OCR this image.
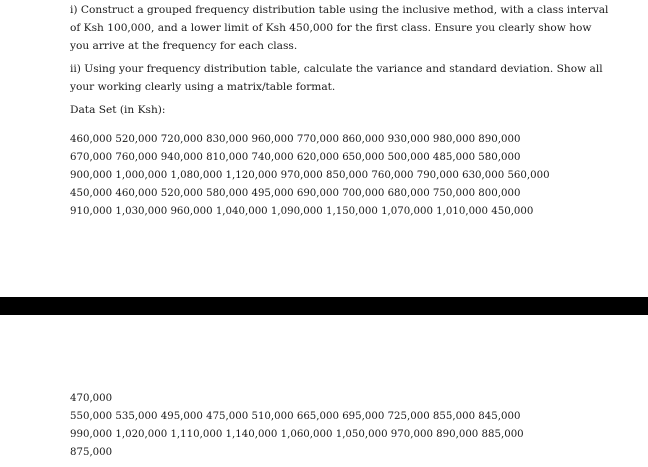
i) Construct a grouped frequency distribution table using the inclusive method, with a class interval
of Ksh 100,000, and a lower limit of Ksh 450,000 for the first class. Ensure you clearly show how
you arrive at the frequency for each class.
ii) Using your frequency distribution table, calculate the variance and standard deviation. Show all
your working clearly using a matrix/table format.
Data Set (in Ksh):
460,000 520,000 720,000 830,000 960,000 770,000 860,000 930,000 980,000 890,000
670,000 760,000 940,000 810,000 740,000 620,000 650,000 500,000 485,000 580,000
900,000 1,000,000 1,080,000 1,120,000 970,000 850,000 760,000 790,000 630,000 560,000
450,000 460,000 520,000 580,000 495,000 690,000 700,000 680,000 750,000 800,000
910,000 1,030,000 960,000 1,040,000 1,090,000 1,150,000 1,070,000 1,010,000 450,000
470,000
550,000 535,000 495,000 475,000 510,000 665,000 695,000 725,000 855,000 845,000
990,000 1,020,000 1,110,000 1,140,000 1,060,000 1,050,000 970,000 890,000 885,000
875,000
